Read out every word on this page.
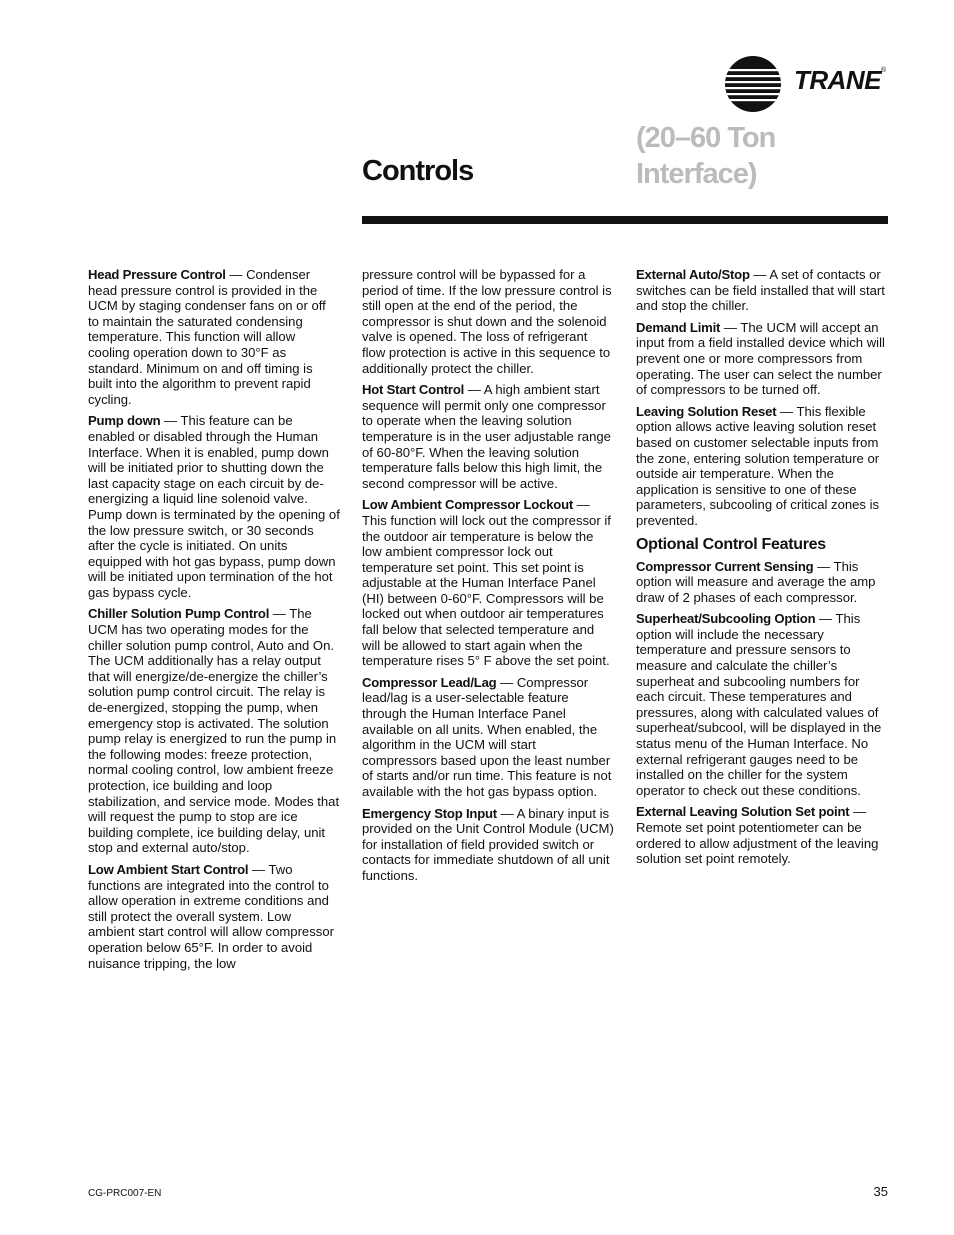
TRANE ®
Controls
(20–60 Ton
Interface)

Head Pressure Control — Condenser head pressure control is provided in the UCM by staging condenser fans on or off to maintain the saturated condensing temperature. This function will allow cooling operation down to 30°F as standard. Minimum on and off timing is built into the algorithm to prevent rapid cycling.

Pump down — This feature can be enabled or disabled through the Human Interface. When it is enabled, pump down will be initiated prior to shutting down the last capacity stage on each circuit by de-energizing a liquid line solenoid valve. Pump down is terminated by the opening of the low pressure switch, or 30 seconds after the cycle is initiated. On units equipped with hot gas bypass, pump down will be initiated upon termination of the hot gas bypass cycle.

Chiller Solution Pump Control — The UCM has two operating modes for the chiller solution pump control, Auto and On. The UCM additionally has a relay output that will energize/de-energize the chiller’s solution pump control circuit. The relay is de-energized, stopping the pump, when emergency stop is activated. The solution pump relay is energized to run the pump in the following modes: freeze protection, normal cooling control, low ambient freeze protection, ice building and loop stabilization, and service mode. Modes that will request the pump to stop are ice building complete, ice building delay, unit stop and external auto/stop.

Low Ambient Start Control — Two functions are integrated into the control to allow operation in extreme conditions and still protect the overall system. Low ambient start control will allow compressor operation below 65°F. In order to avoid nuisance tripping, the low

pressure control will be bypassed for a period of time. If the low pressure control is still open at the end of the period, the compressor is shut down and the solenoid valve is opened. The loss of refrigerant flow protection is active in this sequence to additionally protect the chiller.

Hot Start Control — A high ambient start sequence will permit only one compressor to operate when the leaving solution temperature is in the user adjustable range of 60-80°F. When the leaving solution temperature falls below this high limit, the second compressor will be active.

Low Ambient Compressor Lockout — This function will lock out the compressor if the outdoor air temperature is below the low ambient compressor lock out temperature set point. This set point is adjustable at the Human Interface Panel (HI) between 0-60°F. Compressors will be locked out when outdoor air temperatures fall below that selected temperature and will be allowed to start again when the temperature rises 5° F above the set point.

Compressor Lead/Lag — Compressor lead/lag is a user-selectable feature through the Human Interface Panel available on all units. When enabled, the algorithm in the UCM will start compressors based upon the least number of starts and/or run time. This feature is not available with the hot gas bypass option.

Emergency Stop Input — A binary input is provided on the Unit Control Module (UCM) for installation of field provided switch or contacts for immediate shutdown of all unit functions.

External Auto/Stop — A set of contacts or switches can be field installed that will start and stop the chiller.

Demand Limit — The UCM will accept an input from a field installed device which will prevent one or more compressors from operating. The user can select the number of compressors to be turned off.

Leaving Solution Reset — This flexible option allows active leaving solution reset based on customer selectable inputs from the zone, entering solution temperature or outside air temperature. When the application is sensitive to one of these parameters, subcooling of critical zones is prevented.

Optional Control Features

Compressor Current Sensing — This option will measure and average the amp draw of 2 phases of each compressor.

Superheat/Subcooling Option — This option will include the necessary temperature and pressure sensors to measure and calculate the chiller’s superheat and subcooling numbers for each circuit. These temperatures and pressures, along with calculated values of superheat/subcool, will be displayed in the status menu of the Human Interface. No external refrigerant gauges need to be installed on the chiller for the system operator to check out these conditions.

External Leaving Solution Set point — Remote set point potentiometer can be ordered to allow adjustment of the leaving solution set point remotely.

CG-PRC007-EN	35
